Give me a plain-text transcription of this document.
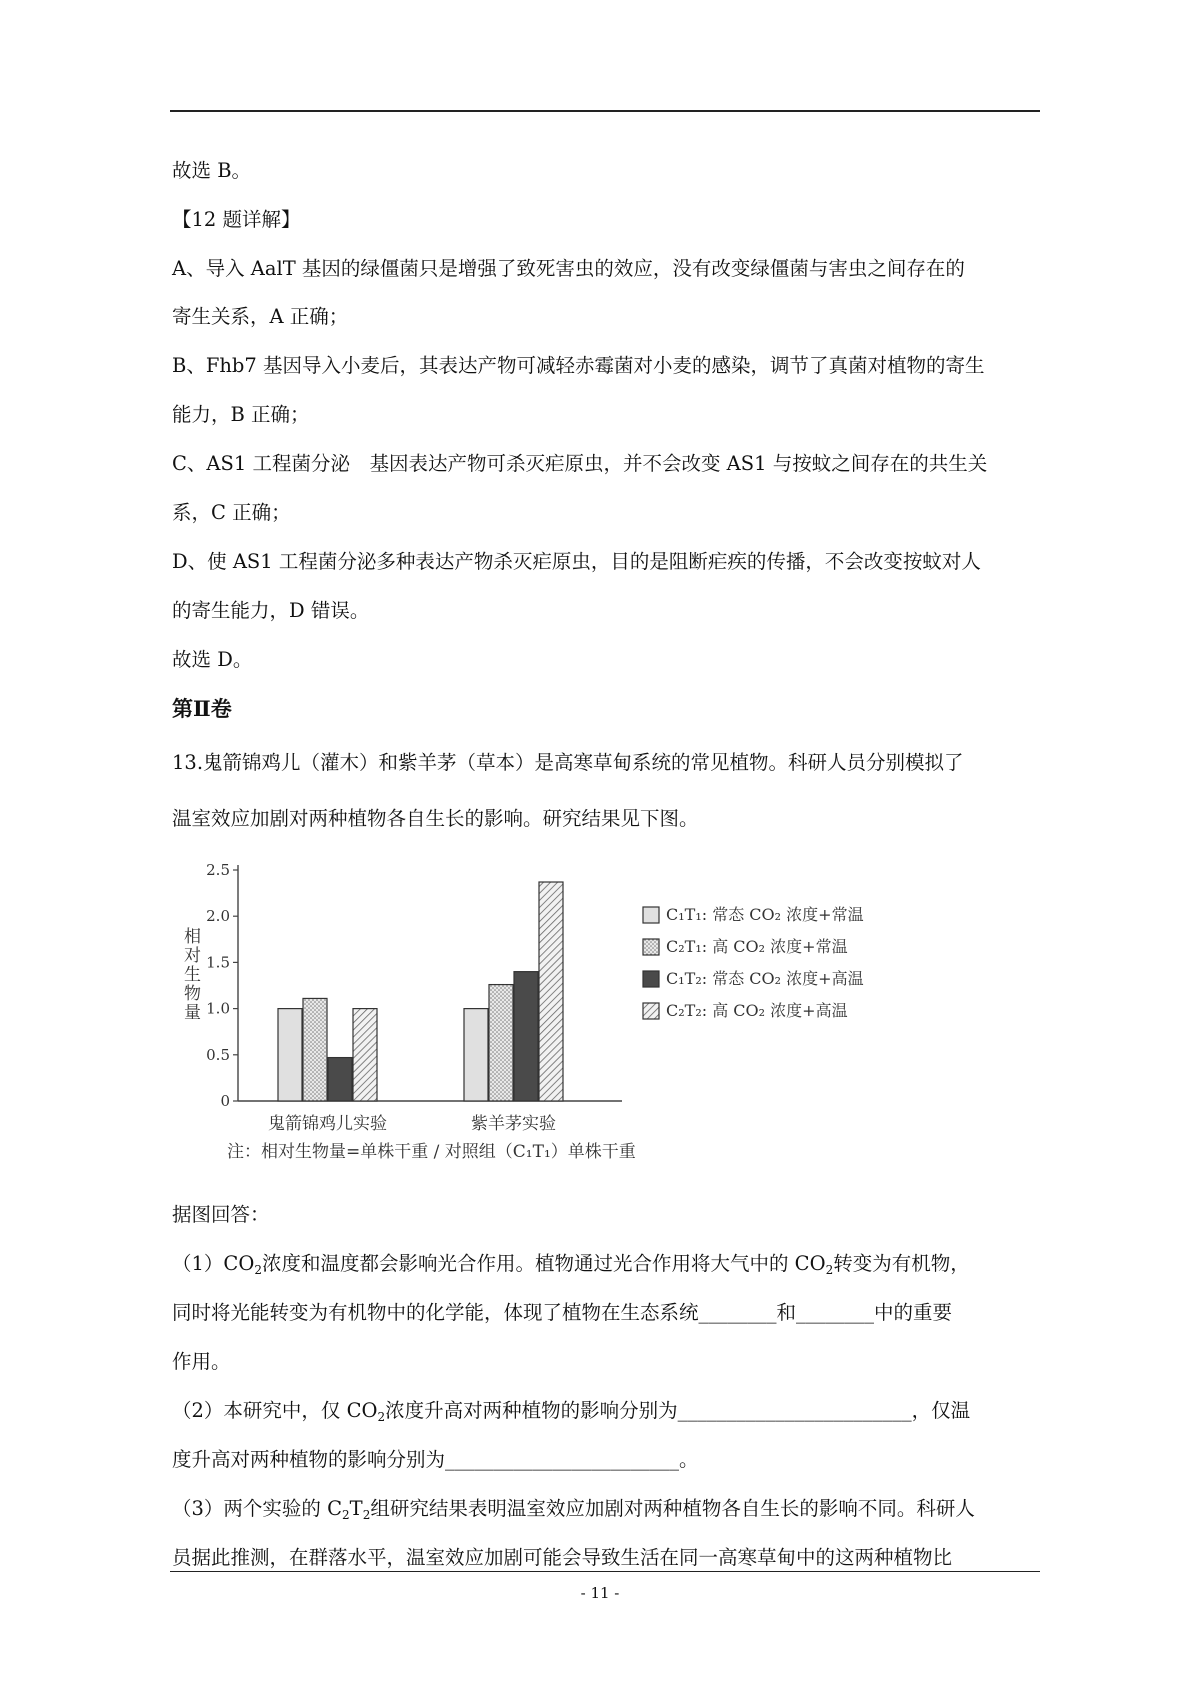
故选 B。
【12 题详解】
A、导入 AalT 基因的绿僵菌只是增强了致死害虫的效应，没有改变绿僵菌与害虫之间存在的
寄生关系，A 正确；
B、Fhb7 基因导入小麦后，其表达产物可减轻赤霉菌对小麦的感染，调节了真菌对植物的寄生
能力，B 正确；
C、AS1 工程菌分泌　基因表达产物可杀灭疟原虫，并不会改变 AS1 与按蚊之间存在的共生关
系，C 正确；
D、使 AS1 工程菌分泌多种表达产物杀灭疟原虫，目的是阻断疟疾的传播，不会改变按蚊对人
的寄生能力，D 错误。
故选 D。
第Ⅱ卷
13.鬼箭锦鸡儿（灌木）和紫羊茅（草本）是高寒草甸系统的常见植物。科研人员分别模拟了
温室效应加剧对两种植物各自生长的影响。研究结果见下图。
0
0.5
1.0
1.5
2.0
2.5
相对生物量
鬼箭锦鸡儿实验	紫羊茅实验
C₁T₁: 常态 CO₂ 浓度+常温
C₂T₁: 高 CO₂ 浓度+常温
C₁T₂: 常态 CO₂ 浓度+高温
C₂T₂: 高 CO₂ 浓度+高温
注：相对生物量=单株干重 ∕ 对照组（C₁T₁）单株干重
据图回答：
$(1)CO_2$浓度和温度都会影响光合作用。植物通过光合作用将大气中的 $CO_2$转变为有机物，
同时将光能转变为有机物中的化学能，体现了植物在生态系统________和________中的重要
作用。
（2）本研究中，仅 $CO_2$浓度升高对两种植物的影响分别为________________________，仅温
度升高对两种植物的影响分别为________________________。
（3）两个实验的 $C_2T_2$组研究结果表明温室效应加剧对两种植物各自生长的影响不同。科研人
员据此推测，在群落水平，温室效应加剧可能会导致生活在同一高寒草甸中的这两种植物比
- 11 -
